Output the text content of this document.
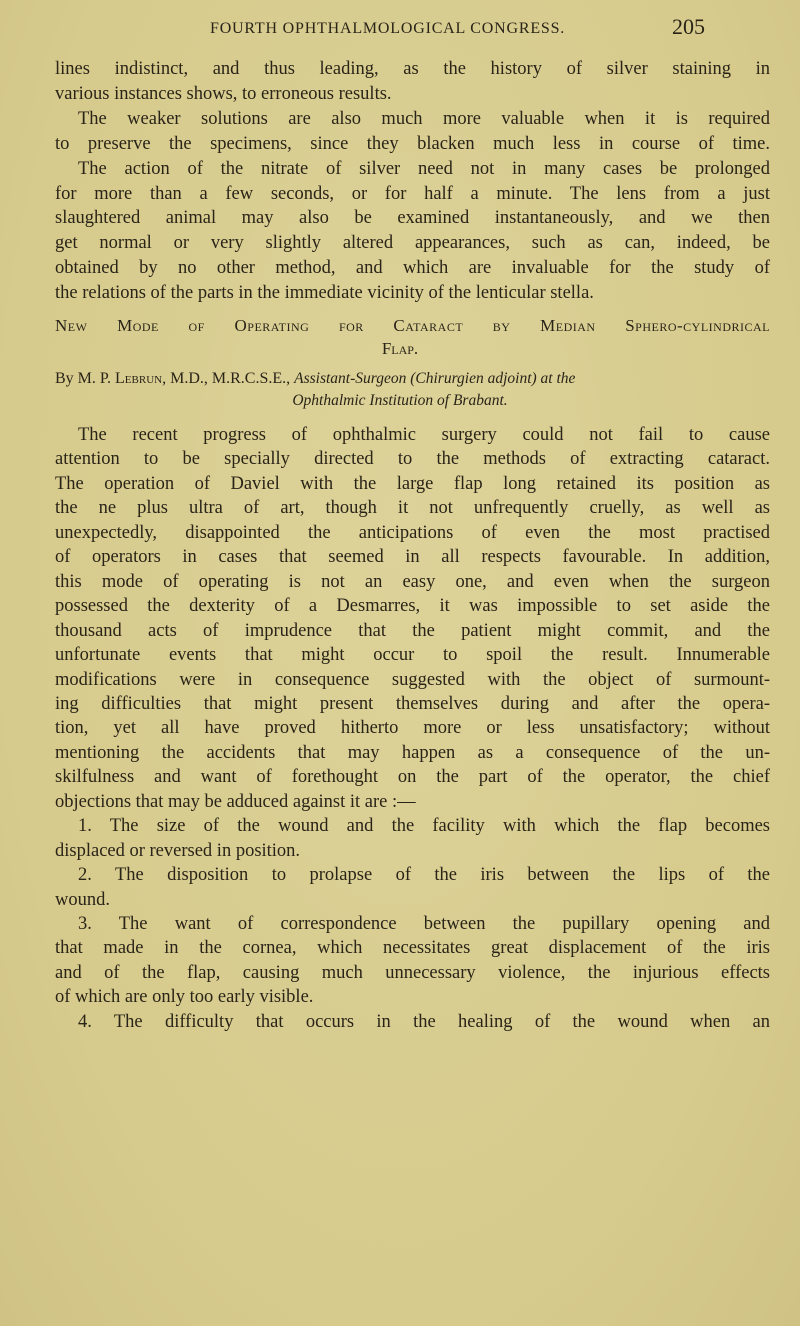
FOURTH OPHTHALMOLOGICAL CONGRESS.	205
lines indistinct, and thus leading, as the history of silver staining in
various instances shows, to erroneous results.
The weaker solutions are also much more valuable when it is required
to preserve the specimens, since they blacken much less in course of time.
The action of the nitrate of silver need not in many cases be prolonged
for more than a few seconds, or for half a minute. The lens from a just
slaughtered animal may also be examined instantaneously, and we then
get normal or very slightly altered appearances, such as can, indeed, be
obtained by no other method, and which are invaluable for the study of
the relations of the parts in the immediate vicinity of the lenticular stella.
New Mode of Operating for Cataract by Median Sphero-cylindrical
Flap.
By M. P. Lebrun, M.D., M.R.C.S.E., Assistant-Surgeon (Chirurgien adjoint) at the
Ophthalmic Institution of Brabant.
The recent progress of ophthalmic surgery could not fail to cause
attention to be specially directed to the methods of extracting cataract.
The operation of Daviel with the large flap long retained its position as
the ne plus ultra of art, though it not unfrequently cruelly, as well as
unexpectedly, disappointed the anticipations of even the most practised
of operators in cases that seemed in all respects favourable. In addition,
this mode of operating is not an easy one, and even when the surgeon
possessed the dexterity of a Desmarres, it was impossible to set aside the
thousand acts of imprudence that the patient might commit, and the
unfortunate events that might occur to spoil the result. Innumerable
modifications were in consequence suggested with the object of surmount-
ing difficulties that might present themselves during and after the opera-
tion, yet all have proved hitherto more or less unsatisfactory; without
mentioning the accidents that may happen as a consequence of the un-
skilfulness and want of forethought on the part of the operator, the chief
objections that may be adduced against it are :—
1. The size of the wound and the facility with which the flap becomes
displaced or reversed in position.
2. The disposition to prolapse of the iris between the lips of the
wound.
3. The want of correspondence between the pupillary opening and
that made in the cornea, which necessitates great displacement of the iris
and of the flap, causing much unnecessary violence, the injurious effects
of which are only too early visible.
4. The difficulty that occurs in the healing of the wound when an
